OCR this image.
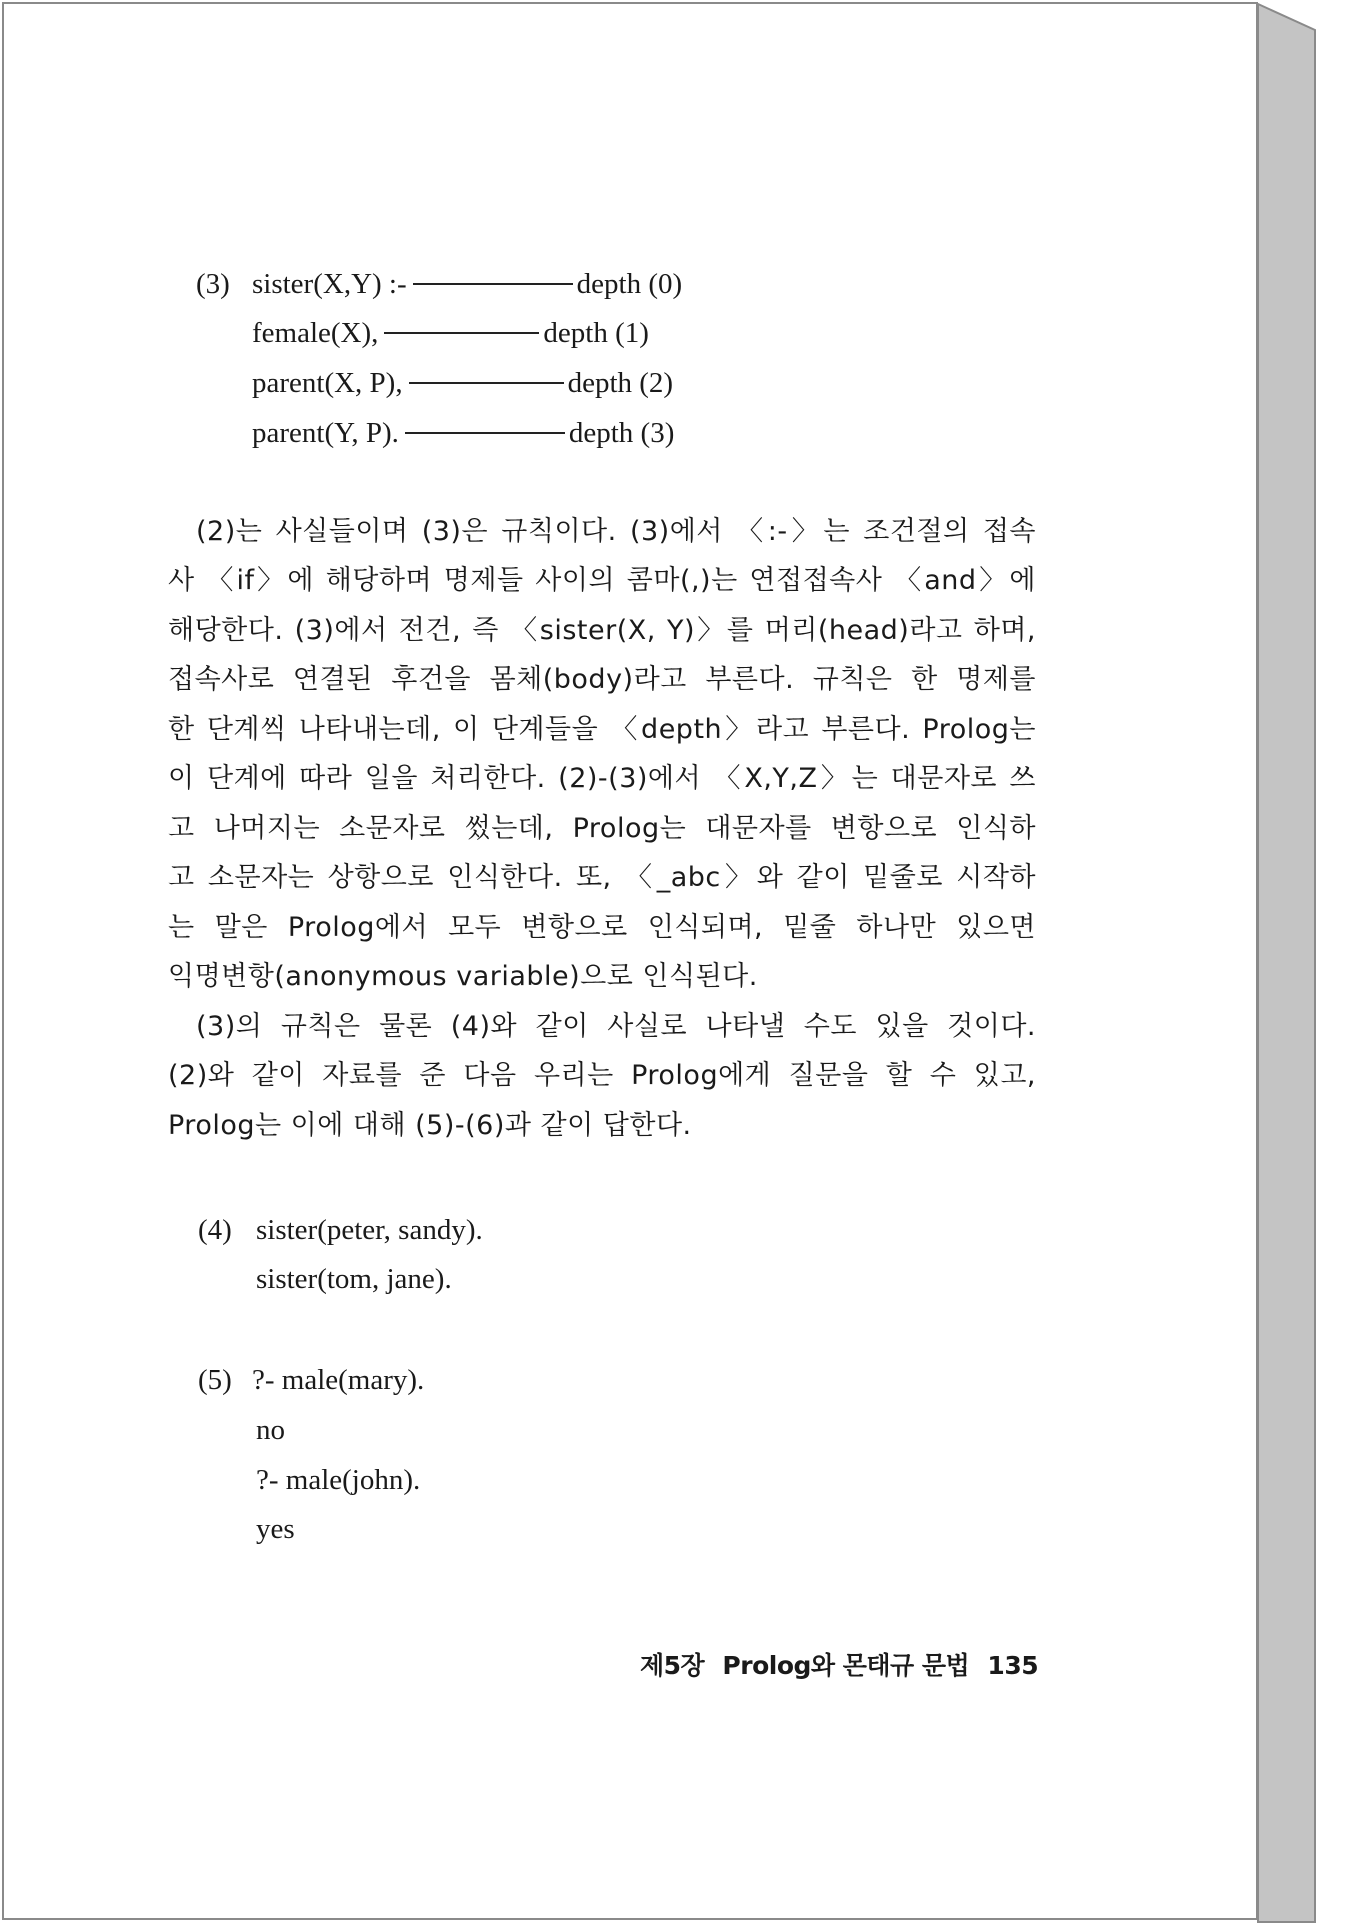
(3) sister(X,Y) :-	depth (0)
female(X),	depth (1)
parent(X, P),	depth (2)
parent(Y, P).	depth (3)
(2)는 사실들이며 (3)은 규칙이다. (3)에서 〈:-〉는 조건절의 접속
사 〈if〉에 해당하며 명제들 사이의 콤마(,)는 연접접속사 〈and〉에
해당한다. (3)에서 전건, 즉 〈sister(X, Y)〉를 머리(head)라고 하며,
접속사로 연결된 후건을 몸체(body)라고 부른다. 규칙은 한 명제를
한 단계씩 나타내는데, 이 단계들을 〈depth〉라고 부른다. Prolog는
이 단계에 따라 일을 처리한다. (2)-(3)에서 〈X,Y,Z〉는 대문자로 쓰
고 나머지는 소문자로 썼는데, Prolog는 대문자를 변항으로 인식하
고 소문자는 상항으로 인식한다. 또, 〈_abc〉와 같이 밑줄로 시작하
는 말은 Prolog에서 모두 변항으로 인식되며, 밑줄 하나만 있으면
익명변항(anonymous variable)으로 인식된다.
(3)의 규칙은 물론 (4)와 같이 사실로 나타낼 수도 있을 것이다.
(2)와 같이 자료를 준 다음 우리는 Prolog에게 질문을 할 수 있고,
Prolog는 이에 대해 (5)-(6)과 같이 답한다.
(4) sister(peter, sandy).
sister(tom, jane).
(5) ?- male(mary).
no
?- male(john).
yes
제5장 Prolog와 몬태규 문법 135
